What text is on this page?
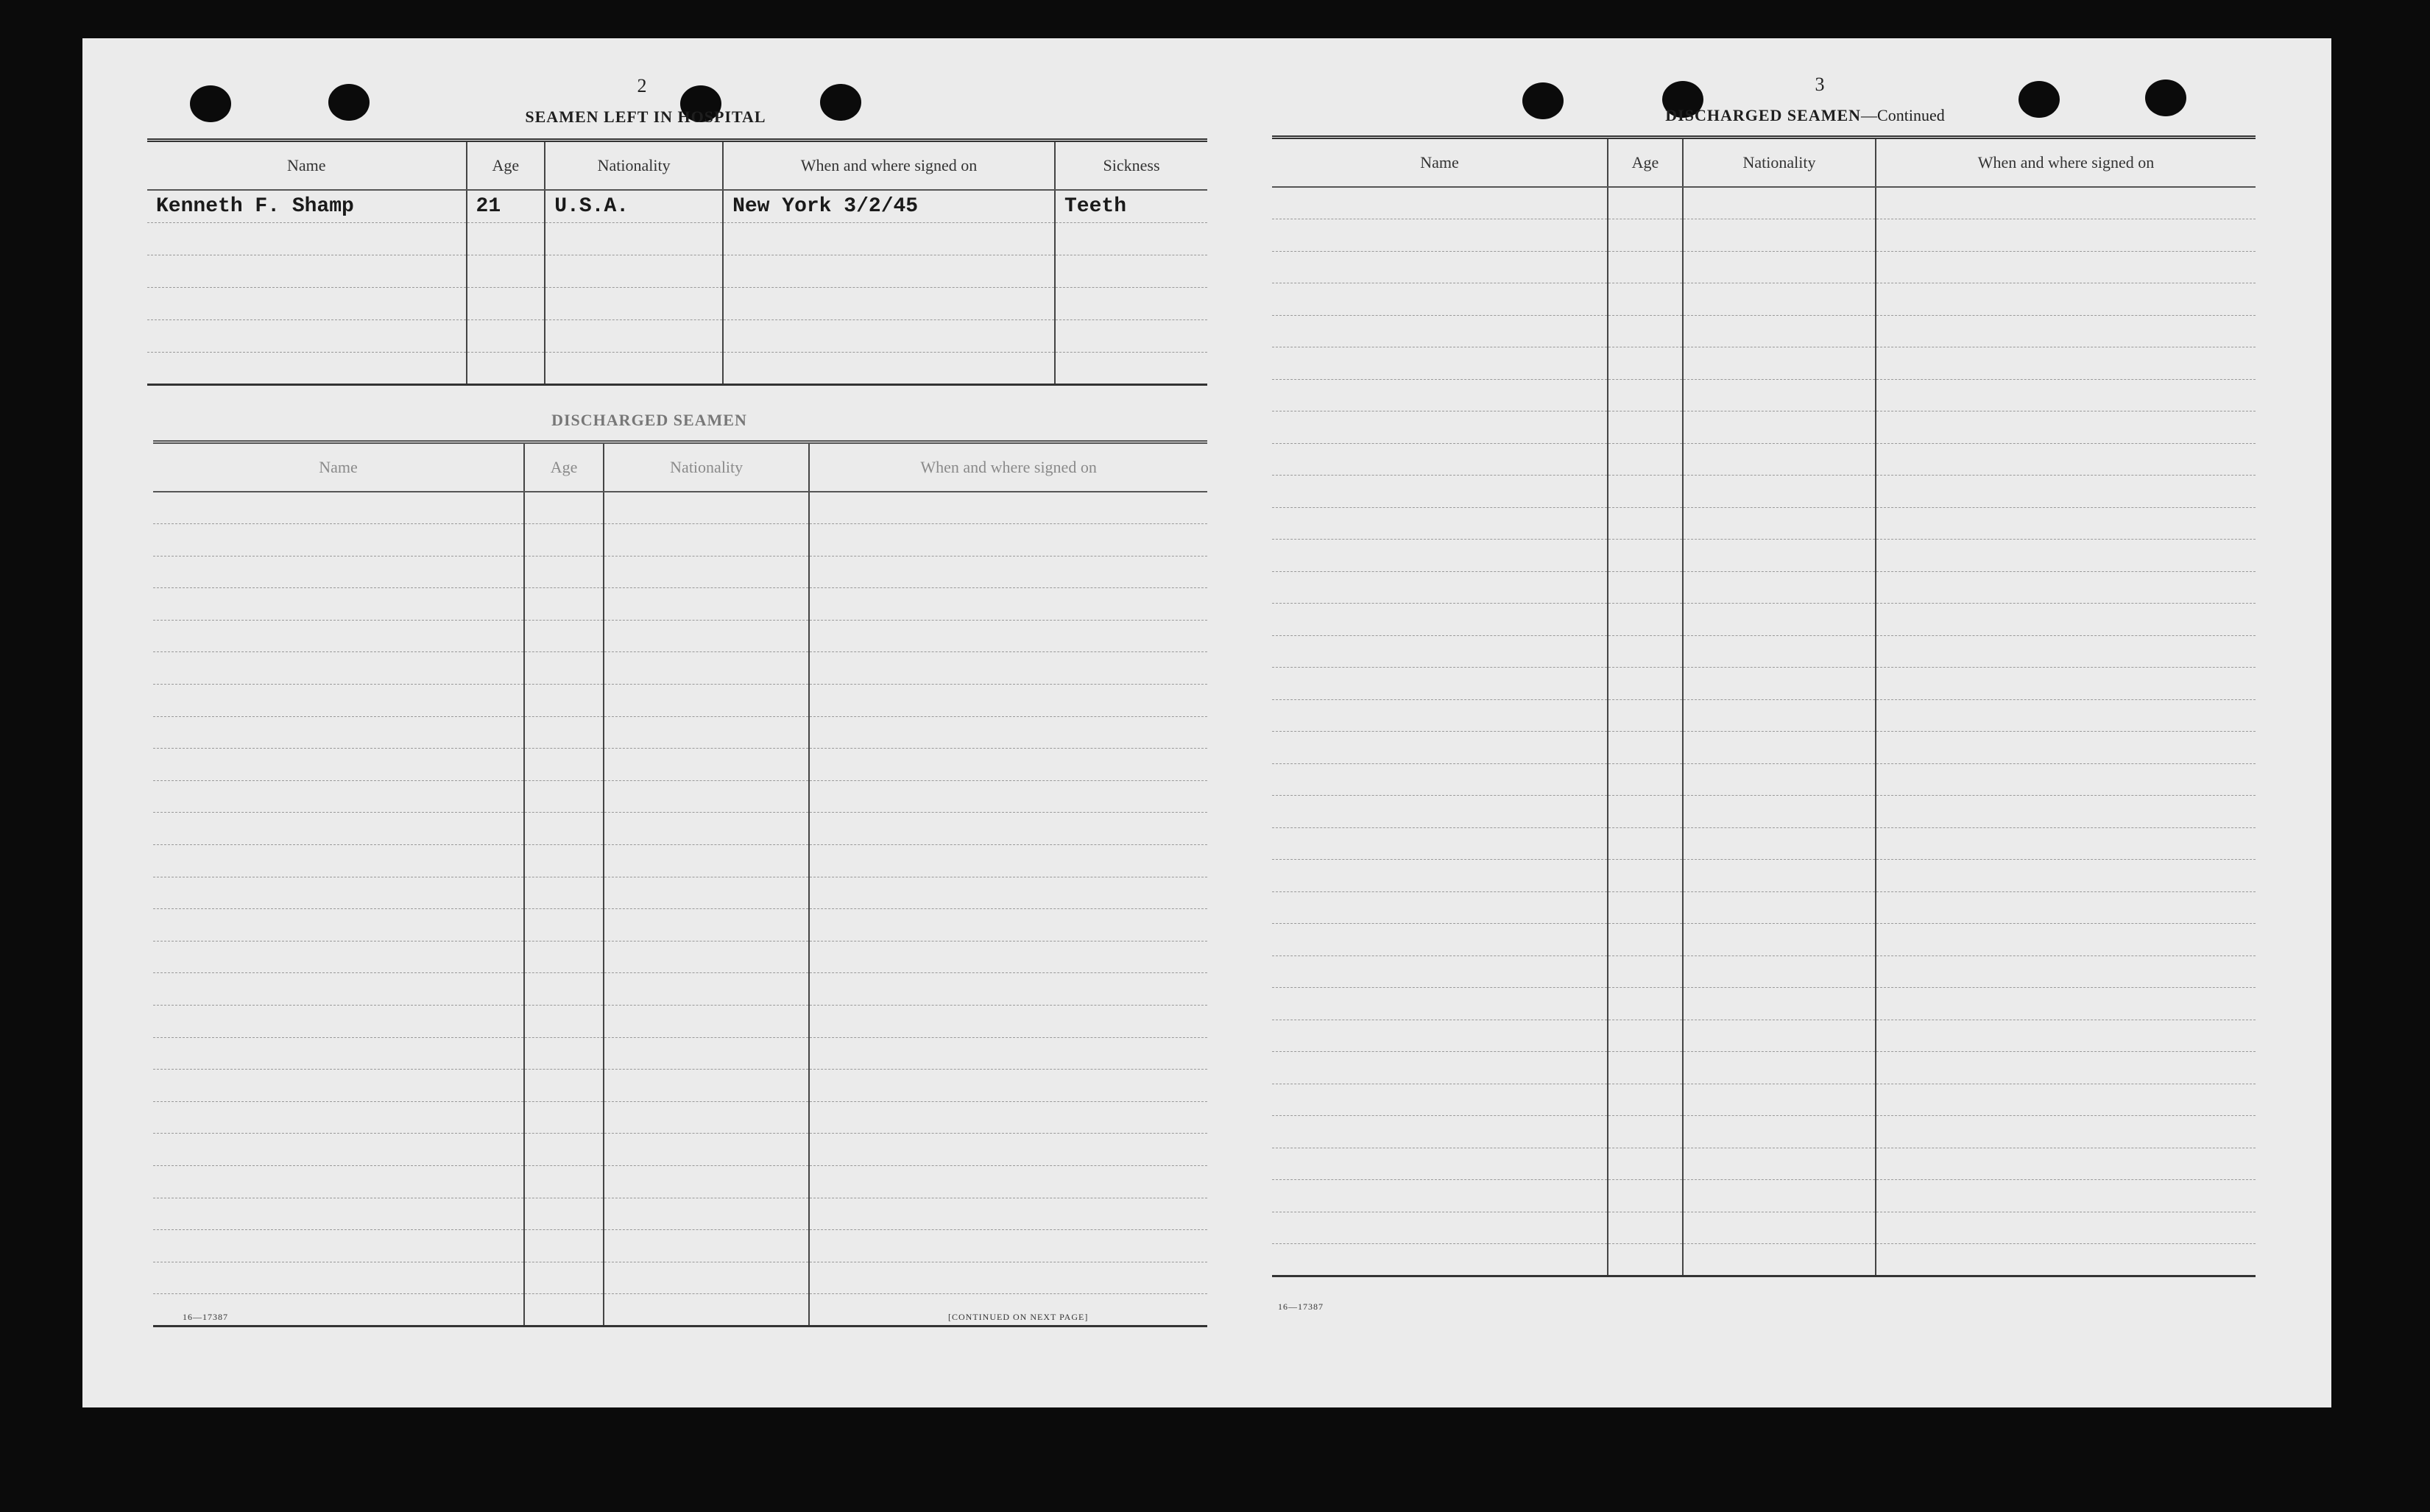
2
SEAMEN LEFT IN HOSPITAL
Name	Age	Nationality	When and where signed on	Sickness
Kenneth F. Shamp	21	U.S.A.	New York 3/2/45	Teeth

DISCHARGED SEAMEN
Name	Age	Nationality	When and where signed on

16—17387	[CONTINUED ON NEXT PAGE]
3
DISCHARGED SEAMEN—Continued
Name	Age	Nationality	When and where signed on

16—17387
